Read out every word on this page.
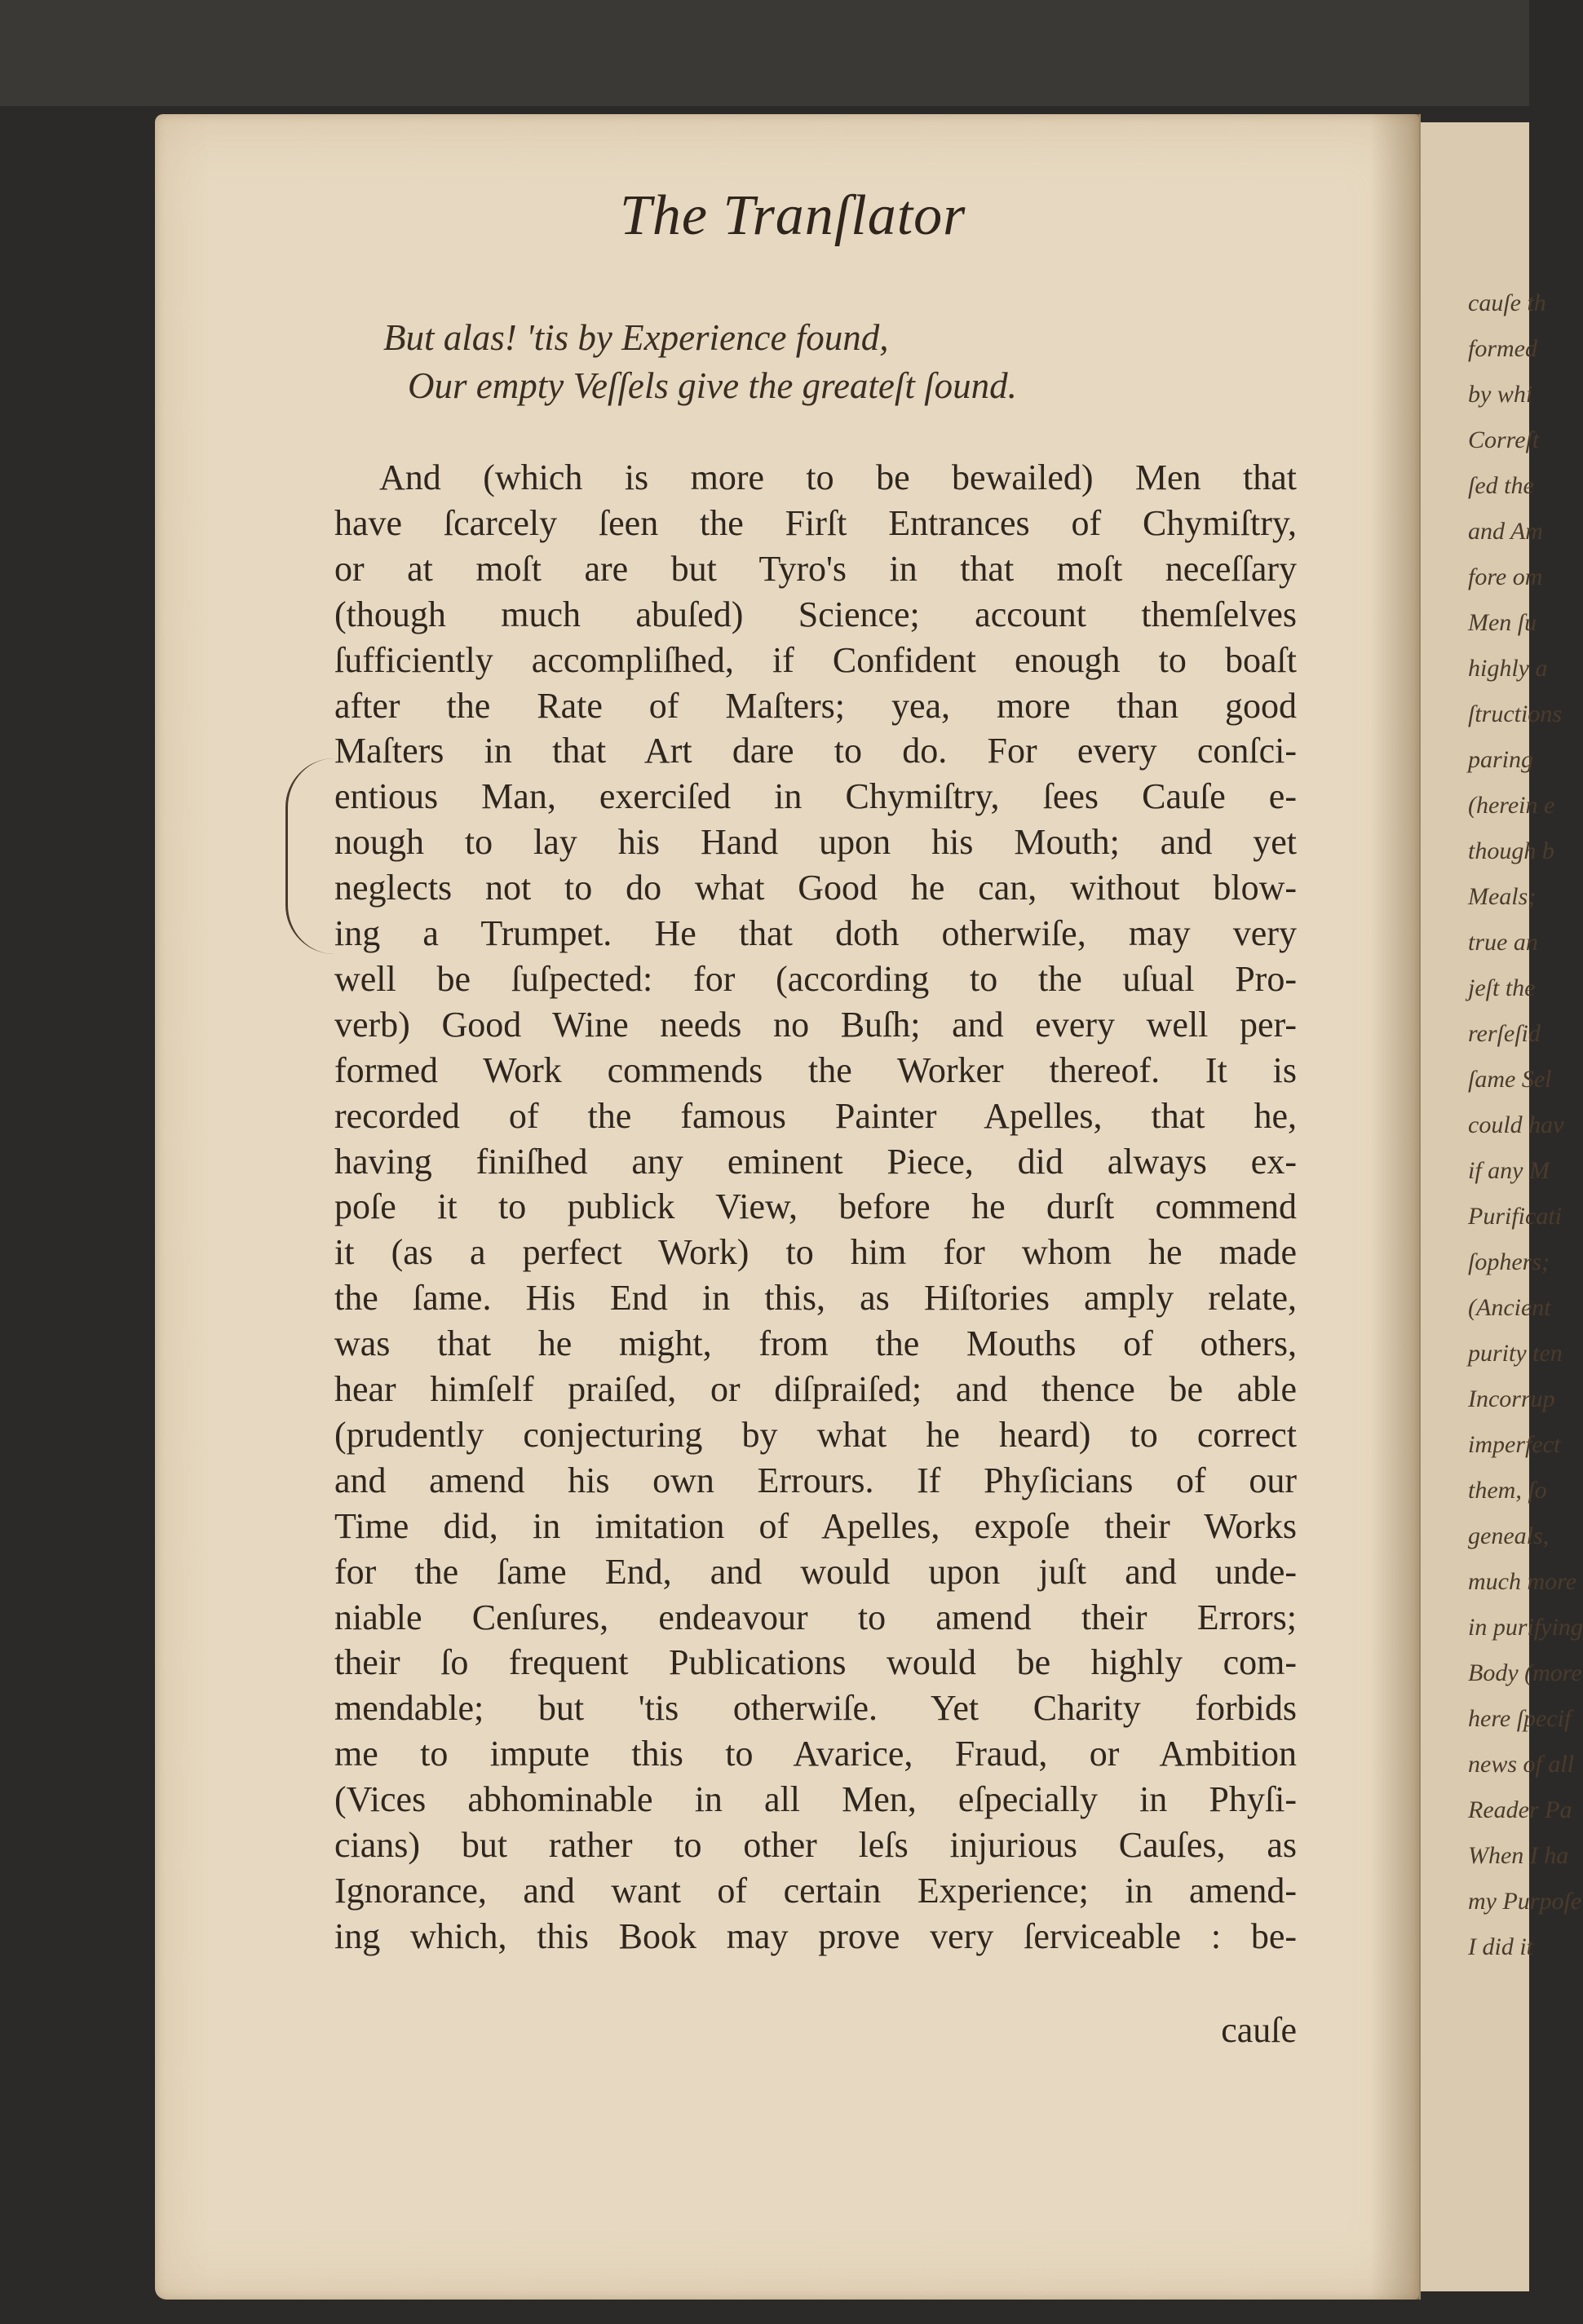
cauſe th
formed
by whi
Correſt
ſed the
and Am
fore om
Men ſu
highly a
ſtructions
paring
(herein e
though b
Meals;
true an
jeſt the
rerſeſid
ſame Sel
could hav
if any M
Purificati
ſophers;
(Ancient
purity ten
Incorrup
imperfect
them, ſo
geneals,
much more
in purifying
Body (more
here ſpecif
news of all
Reader Pa
When I ha
my Purpoſe
I did it
The Tranſlator
But alas! 'tis by Experience found,
Our empty Veſſels give the greateſt ſound.
And (which is more to be bewailed) Men that
have ſcarcely ſeen the Firſt Entrances of Chymiſtry,
or at moſt are but Tyro's in that moſt neceſſary
(though much abuſed) Science; account themſelves
ſufficiently accompliſhed, if Confident enough to boaſt
after the Rate of Maſters; yea, more than good
Maſters in that Art dare to do. For every conſci-
entious Man, exerciſed in Chymiſtry, ſees Cauſe e-
nough to lay his Hand upon his Mouth; and yet
neglects not to do what Good he can, without blow-
ing a Trumpet. He that doth otherwiſe, may very
well be ſuſpected: for (according to the uſual Pro-
verb) Good Wine needs no Buſh; and every well per-
formed Work commends the Worker thereof. It is
recorded of the famous Painter Apelles, that he,
having finiſhed any eminent Piece, did always ex-
poſe it to publick View, before he durſt commend
it (as a perfect Work) to him for whom he made
the ſame. His End in this, as Hiſtories amply relate,
was that he might, from the Mouths of others,
hear himſelf praiſed, or diſpraiſed; and thence be able
(prudently conjecturing by what he heard) to correct
and amend his own Errours. If Phyſicians of our
Time did, in imitation of Apelles, expoſe their Works
for the ſame End, and would upon juſt and unde-
niable Cenſures, endeavour to amend their Errors;
their ſo frequent Publications would be highly com-
mendable; but 'tis otherwiſe. Yet Charity forbids
me to impute this to Avarice, Fraud, or Ambition
(Vices abhominable in all Men, eſpecially in Phyſi-
cians) but rather to other leſs injurious Cauſes, as
Ignorance, and want of certain Experience; in amend-
ing which, this Book may prove very ſerviceable : be-
cauſe
